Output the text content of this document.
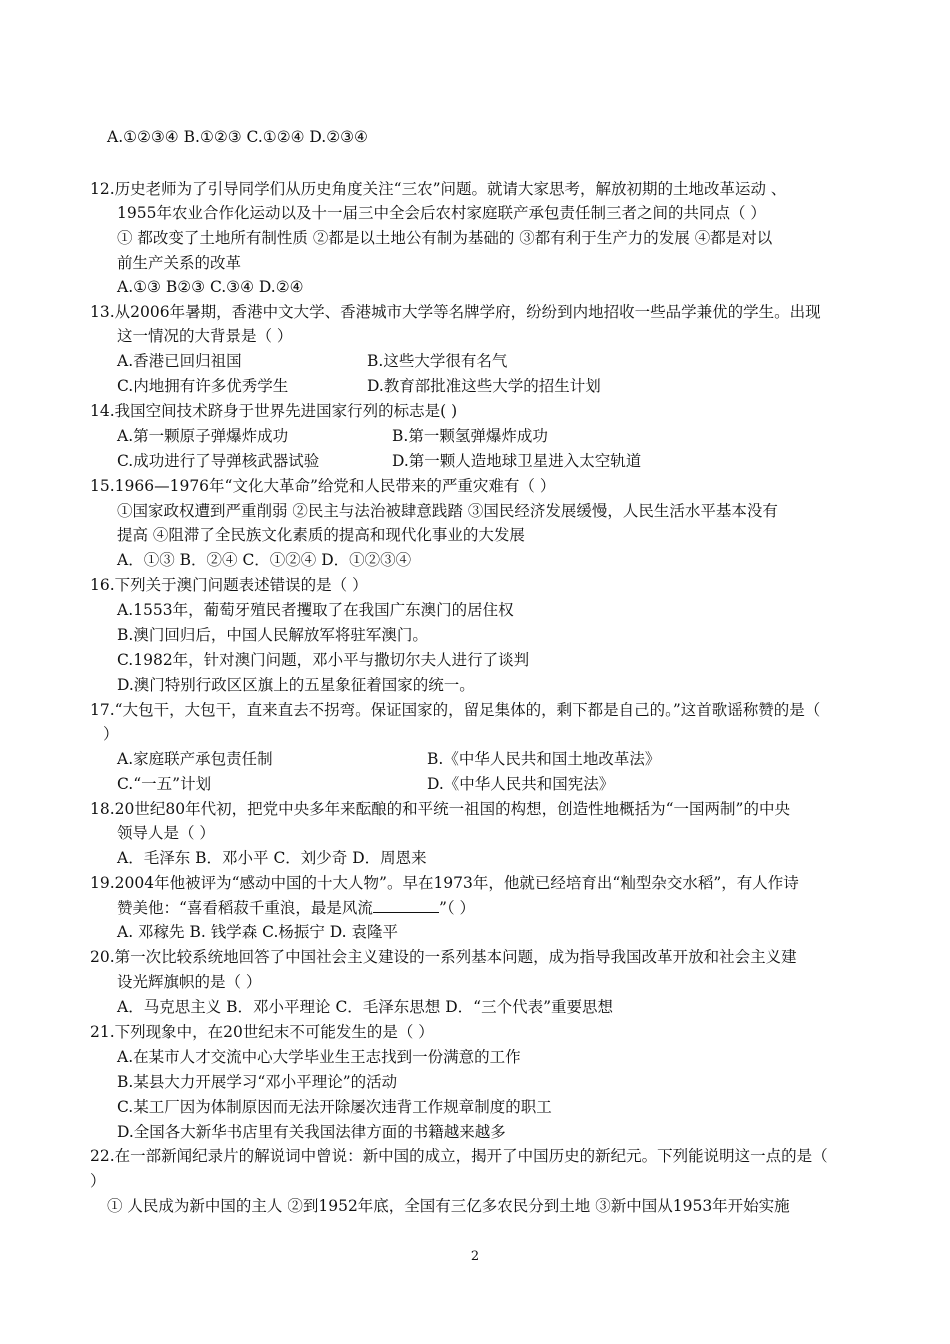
A.①②③④ B.①②③ C.①②④ D.②③④
12.历史老师为了引导同学们从历史角度关注“三农”问题。就请大家思考，解放初期的土地改革运动 、
1955年农业合作化运动以及十一届三中全会后农村家庭联产承包责任制三者之间的共同点（ ）
① 都改变了土地所有制性质 ②都是以土地公有制为基础的 ③都有利于生产力的发展 ④都是对以
前生产关系的改革
A.①③ B②③ C.③④ D.②④
13.从2006年暑期，香港中文大学、香港城市大学等名牌学府，纷纷到内地招收一些品学兼优的学生。出现
这一情况的大背景是（ ）
A.香港已回归祖国	B.这些大学很有名气
C.内地拥有许多优秀学生	D.教育部批准这些大学的招生计划
14.我国空间技术跻身于世界先进国家行列的标志是( )
A.第一颗原子弹爆炸成功	B.第一颗氢弹爆炸成功
C.成功进行了导弹核武器试验	D.第一颗人造地球卫星进入太空轨道
15.1966—1976年“文化大革命”给党和人民带来的严重灾难有（ ）
①国家政权遭到严重削弱 ②民主与法治被肆意践踏 ③国民经济发展缓慢，人民生活水平基本没有
提高 ④阻滞了全民族文化素质的提高和现代化事业的大发展
A．①③ B．②④ C．①②④ D．①②③④
16.下列关于澳门问题表述错误的是（ ）
A.1553年，葡萄牙殖民者攫取了在我国广东澳门的居住权
B.澳门回归后，中国人民解放军将驻军澳门。
C.1982年，针对澳门问题，邓小平与撒切尔夫人进行了谈判
D.澳门特别行政区区旗上的五星象征着国家的统一。
17.“大包干，大包干，直来直去不拐弯。保证国家的，留足集体的，剩下都是自己的。”这首歌谣称赞的是（
）
A.家庭联产承包责任制	B.《中华人民共和国土地改革法》
C.“一五”计划	D.《中华人民共和国宪法》
18.20世纪80年代初，把党中央多年来酝酿的和平统一祖国的构想，创造性地概括为“一国两制”的中央
领导人是（ ）
A．毛泽东 B．邓小平 C．刘少奇 D．周恩来
19.2004年他被评为“感动中国的十大人物”。早在1973年，他就已经培育出“籼型杂交水稻”，有人作诗
赞美他：“喜看稻菽千重浪，最是风流	”（ ）
A. 邓稼先 B. 钱学森 C.杨振宁 D. 袁隆平
20.第一次比较系统地回答了中国社会主义建设的一系列基本问题，成为指导我国改革开放和社会主义建
设光辉旗帜的是（ ）
A．马克思主义 B．邓小平理论 C．毛泽东思想 D．“三个代表”重要思想
21.下列现象中，在20世纪末不可能发生的是（ ）
A.在某市人才交流中心大学毕业生王志找到一份满意的工作
B.某县大力开展学习“邓小平理论”的活动
C.某工厂因为体制原因而无法开除屡次违背工作规章制度的职工
D.全国各大新华书店里有关我国法律方面的书籍越来越多
22.在一部新闻纪录片的解说词中曾说：新中国的成立，揭开了中国历史的新纪元。下列能说明这一点的是（
）
① 人民成为新中国的主人 ②到1952年底，全国有三亿多农民分到土地 ③新中国从1953年开始实施
2
